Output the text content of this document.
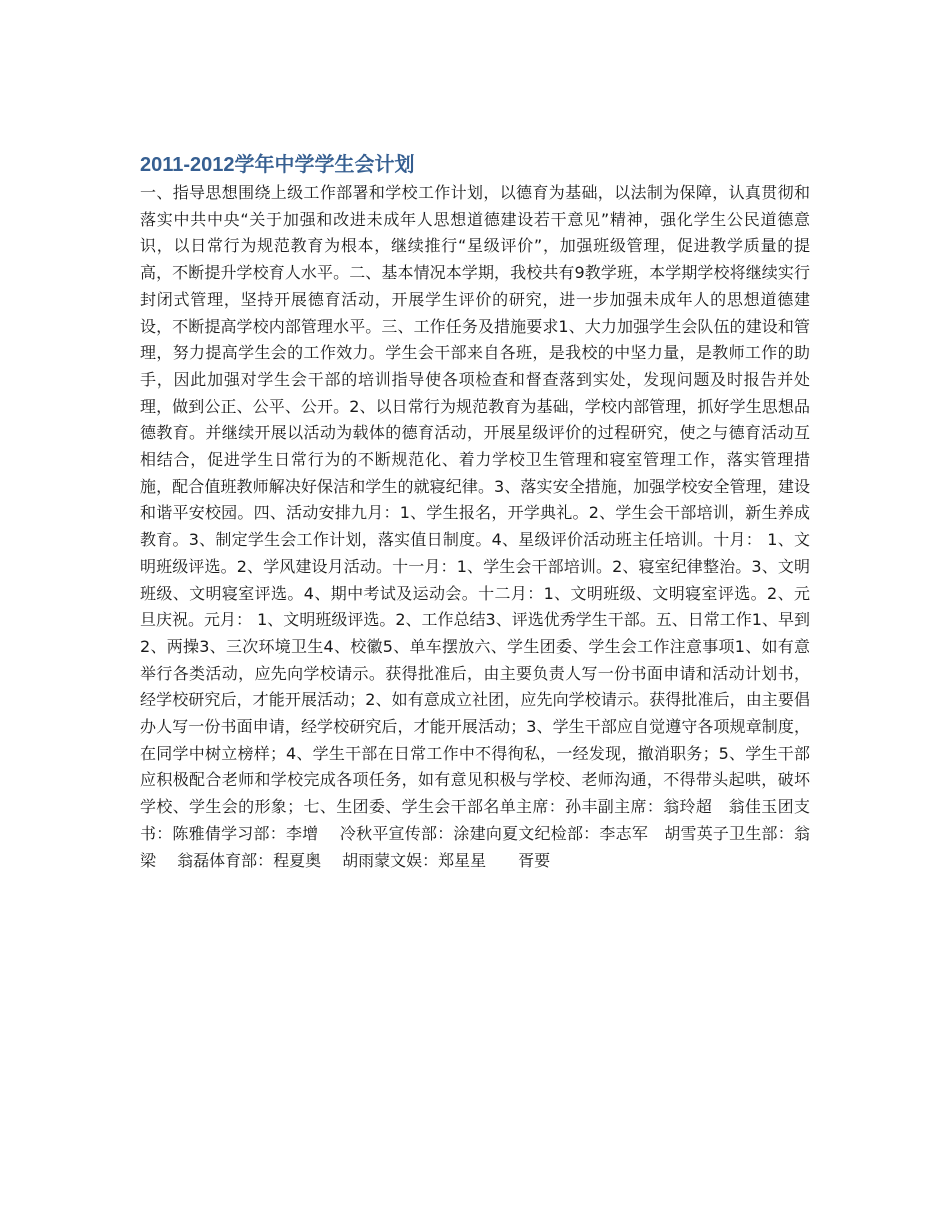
2011-2012学年中学学生会计划

一、指导思想围绕上级工作部署和学校工作计划，以德育为基础，以法制为保障，认真贯彻和落实中共中央“关于加强和改进未成年人思想道德建设若干意见”精神，强化学生公民道德意识，以日常行为规范教育为根本，继续推行“星级评价”，加强班级管理，促进教学质量的提高，不断提升学校育人水平。二、基本情况本学期，我校共有9教学班，本学期学校将继续实行封闭式管理，坚持开展德育活动，开展学生评价的研究，进一步加强未成年人的思想道德建设，不断提高学校内部管理水平。三、工作任务及措施要求1、大力加强学生会队伍的建设和管理，努力提高学生会的工作效力。学生会干部来自各班，是我校的中坚力量，是教师工作的助手，因此加强对学生会干部的培训指导使各项检查和督查落到实处，发现问题及时报告并处理，做到公正、公平、公开。2、以日常行为规范教育为基础，学校内部管理，抓好学生思想品德教育。并继续开展以活动为载体的德育活动，开展星级评价的过程研究，使之与德育活动互相结合，促进学生日常行为的不断规范化、着力学校卫生管理和寝室管理工作，落实管理措施，配合值班教师解决好保洁和学生的就寝纪律。3、落实安全措施，加强学校安全管理，建设和谐平安校园。四、活动安排九月：1、学生报名，开学典礼。2、学生会干部培训，新生养成教育。3、制定学生会工作计划，落实值日制度。4、星级评价活动班主任培训。十月： 1、文明班级评选。2、学风建设月活动。十一月：1、学生会干部培训。2、寝室纪律整治。3、文明班级、文明寝室评选。4、期中考试及运动会。十二月：1、文明班级、文明寝室评选。2、元旦庆祝。元月： 1、文明班级评选。2、工作总结3、评选优秀学生干部。五、日常工作1、早到2、两操3、三次环境卫生4、校徽5、单车摆放六、学生团委、学生会工作注意事项1、如有意举行各类活动，应先向学校请示。获得批准后，由主要负责人写一份书面申请和活动计划书，经学校研究后，才能开展活动；2、如有意成立社团，应先向学校请示。获得批准后，由主要倡办人写一份书面申请，经学校研究后，才能开展活动；3、学生干部应自觉遵守各项规章制度，在同学中树立榜样；4、学生干部在日常工作中不得徇私，一经发现，撤消职务；5、学生干部应积极配合老师和学校完成各项任务，如有意见积极与学校、老师沟通，不得带头起哄，破坏学校、学生会的形象；七、生团委、学生会干部名单主席：孙丰副主席：翁玲超　翁佳玉团支书：陈雅倩学习部：李增　 冷秋平宣传部：涂建向夏文纪检部：李志军　胡雪英子卫生部：翁梁　 翁磊体育部：程夏奥　 胡雨蒙文娱：郑星星　　胥要
